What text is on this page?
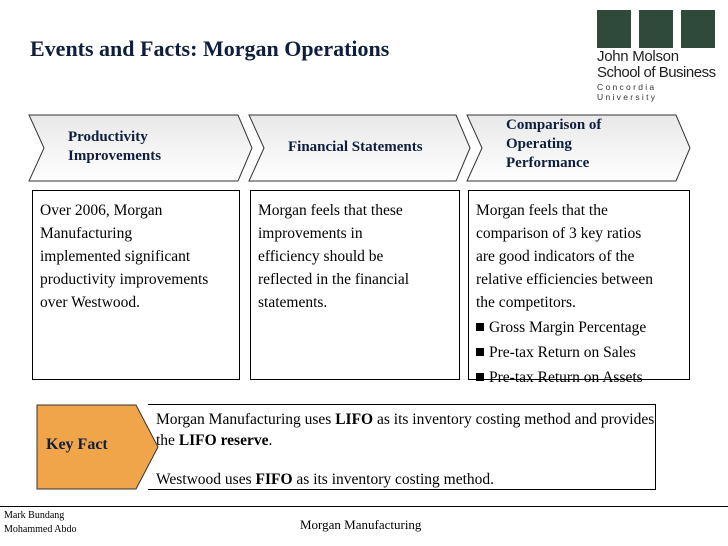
Events and Facts: Morgan Operations	John Molson
School of Business
Concordia University
Productivity
Improvements
Financial Statements
Comparison of
Operating
Performance
Over 2006, Morgan
Manufacturing
implemented significant
productivity improvements
over Westwood.
Morgan feels that these
improvements in
efficiency should be
reflected in the financial
statements.
Morgan feels that the
comparison of 3 key ratios
are good indicators of the
relative efficiencies between
the competitors.
Gross Margin Percentage
Pre-tax Return on Sales
Pre-tax Return on Assets
Key Fact
Morgan Manufacturing uses LIFO as its inventory costing method and provides the LIFO reserve.
Westwood uses FIFO as its inventory costing method.
Mark Bundang
Mohammed Abdo	Morgan Manufacturing
